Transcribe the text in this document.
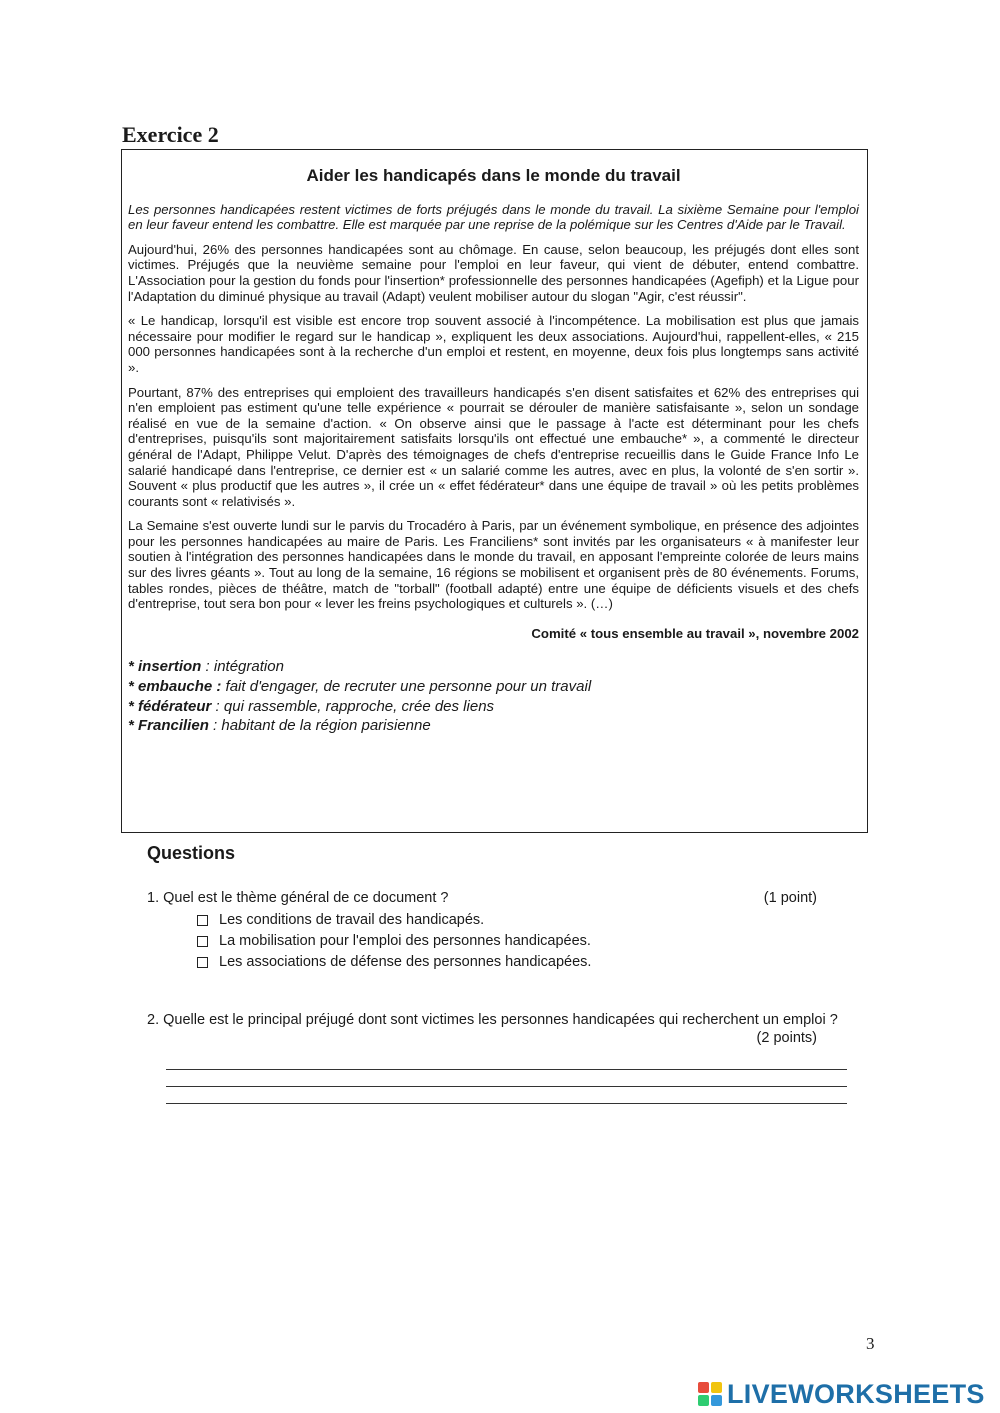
Exercice 2
Aider les handicapés dans le monde du travail

Les personnes handicapées restent victimes de forts préjugés dans le monde du travail. La sixième Semaine pour l'emploi en leur faveur entend les combattre. Elle est marquée par une reprise de la polémique sur les Centres d'Aide par le Travail.

Aujourd'hui, 26% des personnes handicapées sont au chômage. En cause, selon beaucoup, les préjugés dont elles sont victimes. Préjugés que la neuvième semaine pour l'emploi en leur faveur, qui vient de débuter, entend combattre. L'Association pour la gestion du fonds pour l'insertion* professionnelle des personnes handicapées (Agefiph) et la Ligue pour l'Adaptation du diminué physique au travail (Adapt) veulent mobiliser autour du slogan "Agir, c'est réussir".

« Le handicap, lorsqu'il est visible est encore trop souvent associé à l'incompétence. La mobilisation est plus que jamais nécessaire pour modifier le regard sur le handicap », expliquent les deux associations. Aujourd'hui, rappellent-elles, « 215 000 personnes handicapées sont à la recherche d'un emploi et restent, en moyenne, deux fois plus longtemps sans activité ».

Pourtant, 87% des entreprises qui emploient des travailleurs handicapés s'en disent satisfaites et 62% des entreprises qui n'en emploient pas estiment qu'une telle expérience « pourrait se dérouler de manière satisfaisante », selon un sondage réalisé en vue de la semaine d'action. « On observe ainsi que le passage à l'acte est déterminant pour les chefs d'entreprises, puisqu'ils sont majoritairement satisfaits lorsqu'ils ont effectué une embauche* », a commenté le directeur général de l'Adapt, Philippe Velut. D'après des témoignages de chefs d'entreprise recueillis dans le Guide France Info Le salarié handicapé dans l'entreprise, ce dernier est « un salarié comme les autres, avec en plus, la volonté de s'en sortir ». Souvent « plus productif que les autres », il crée un « effet fédérateur* dans une équipe de travail » où les petits problèmes courants sont « relativisés ».

La Semaine s'est ouverte lundi sur le parvis du Trocadéro à Paris, par un événement symbolique, en présence des adjointes pour les personnes handicapées au maire de Paris. Les Franciliens* sont invités par les organisateurs « à manifester leur soutien à l'intégration des personnes handicapées dans le monde du travail, en apposant l'empreinte colorée de leurs mains sur des livres géants ». Tout au long de la semaine, 16 régions se mobilisent et organisent près de 80 événements. Forums, tables rondes, pièces de théâtre, match de "torball" (football adapté) entre une équipe de déficients visuels et des chefs d'entreprise, tout sera bon pour « lever les freins psychologiques et culturels ». (…)

Comité « tous ensemble au travail », novembre 2002
* insertion : intégration
* embauche : fait d'engager, de recruter une personne pour un travail
* fédérateur : qui rassemble, rapproche, crée des liens
* Francilien : habitant de la région parisienne
Questions
1. Quel est le thème général de ce document ?	(1 point)
Les conditions de travail des handicapés.
La mobilisation pour l'emploi des personnes handicapées.
Les associations de défense des personnes handicapées.
2. Quelle est le principal préjugé dont sont victimes les personnes handicapées qui recherchent un emploi ?
(2 points)
3
LIVEWORKSHEETS
